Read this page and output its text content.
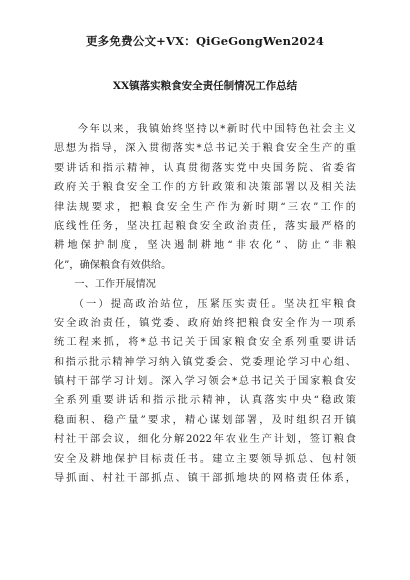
更多免费公文+VX：QiGeGongWen2024
XX镇落实粮食安全责任制情况工作总结
　　今年以来，我镇始终坚持以*新时代中国特色社会主义
思想为指导，深入贯彻落实*总书记关于粮食安全生产的重
要讲话和指示精神，认真贯彻落实党中央国务院、省委省
政府关于粮食安全工作的方针政策和决策部署以及相关法
律法规要求，把粮食安全生产作为新时期“三农”工作的
底线性任务，坚决扛起粮食安全政治责任，落实最严格的
耕地保护制度，坚决遏制耕地“非农化”、防止“非粮
化”，确保粮食有效供给。
　　一、工作开展情况
　　（一）提高政治站位，压紧压实责任。坚决扛牢粮食
安全政治责任，镇党委、政府始终把粮食安全作为一项系
统工程来抓，将*总书记关于国家粮食安全系列重要讲话
和指示批示精神学习纳入镇党委会、党委理论学习中心组、
镇村干部学习计划。深入学习领会*总书记关于国家粮食安
全系列重要讲话和指示批示精神，认真落实中央“稳政策
稳面积、稳产量”要求，精心谋划部署，及时组织召开镇
村社干部会议，细化分解2022年农业生产计划，签订粮食
安全及耕地保护目标责任书。建立主要领导抓总、包村领
导抓面、村社干部抓点、镇干部抓地块的网格责任体系，
